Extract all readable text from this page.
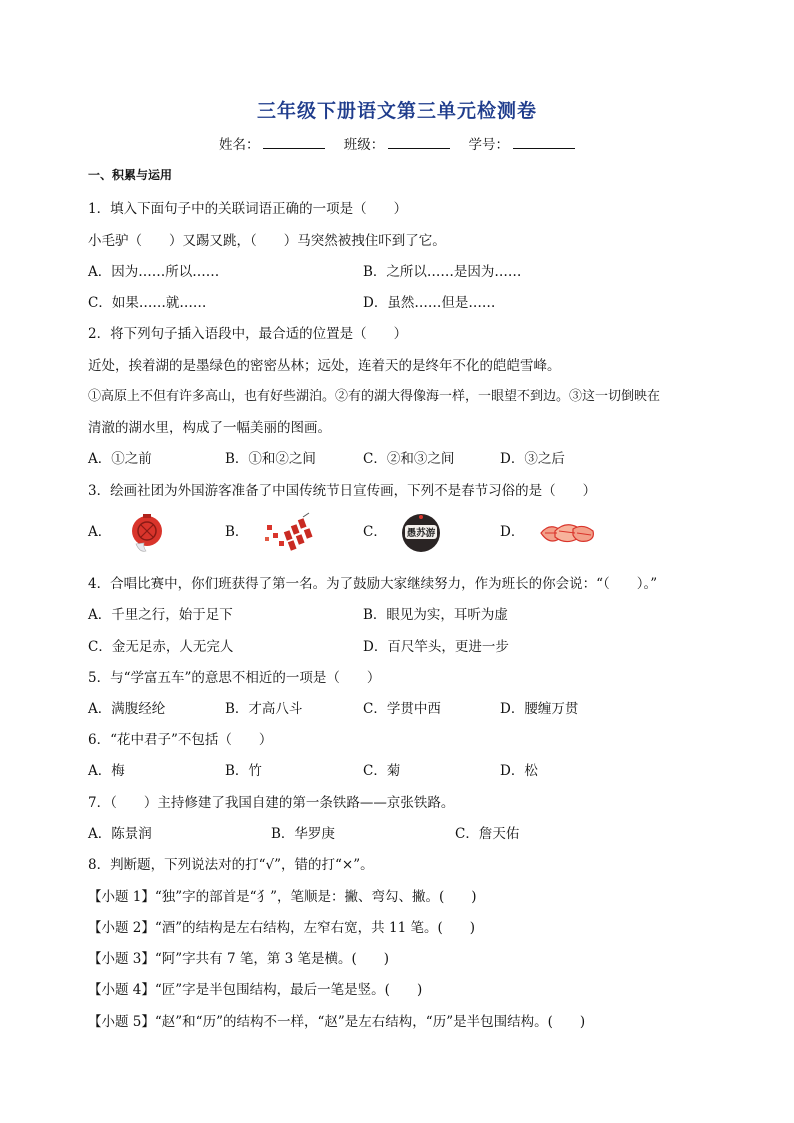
三年级下册语文第三单元检测卷
姓名：	班级：	学号：
一、积累与运用
1．填入下面句子中的关联词语正确的一项是（　　）
小毛驴（　　）又踢又跳，（　　）马突然被拽住吓到了它。
A．因为……所以……	B．之所以……是因为……
C．如果……就……	D．虽然……但是……
2．将下列句子插入语段中，最合适的位置是（　　）
近处，挨着湖的是墨绿色的密密丛林；远处，连着天的是终年不化的皑皑雪峰。
①高原上不但有许多高山，也有好些湖泊。②有的湖大得像海一样，一眼望不到边。③这一切倒映在
清澈的湖水里，构成了一幅美丽的图画。
A．①之前	B．①和②之间	C．②和③之间	D．③之后
3．绘画社团为外国游客准备了中国传统节日宣传画，下列不是春节习俗的是（　　）
A．	B．	C． 愚苏游	D．
4．合唱比赛中，你们班获得了第一名。为了鼓励大家继续努力，作为班长的你会说：“（　　）。”
A．千里之行，始于足下	B．眼见为实，耳听为虚
C．金无足赤，人无完人	D．百尺竿头，更进一步
5．与“学富五车”的意思不相近的一项是（　　）
A．满腹经纶	B．才高八斗	C．学贯中西	D．腰缠万贯
6．“花中君子”不包括（　　）
A．梅	B．竹	C．菊	D．松
7．（　　）主持修建了我国自建的第一条铁路——京张铁路。
A．陈景润	B．华罗庚	C．詹天佑
8．判断题，下列说法对的打“√”，错的打“×”。
【小题 1】“独”字的部首是“犭”，笔顺是：撇、弯勾、撇。(　　)
【小题 2】“酒”的结构是左右结构，左窄右宽，共 11 笔。(　　)
【小题 3】“阿”字共有 7 笔，第 3 笔是横。(　　)
【小题 4】“匠”字是半包围结构，最后一笔是竖。(　　)
【小题 5】“赵”和“历”的结构不一样，“赵”是左右结构，“历”是半包围结构。(　　)
